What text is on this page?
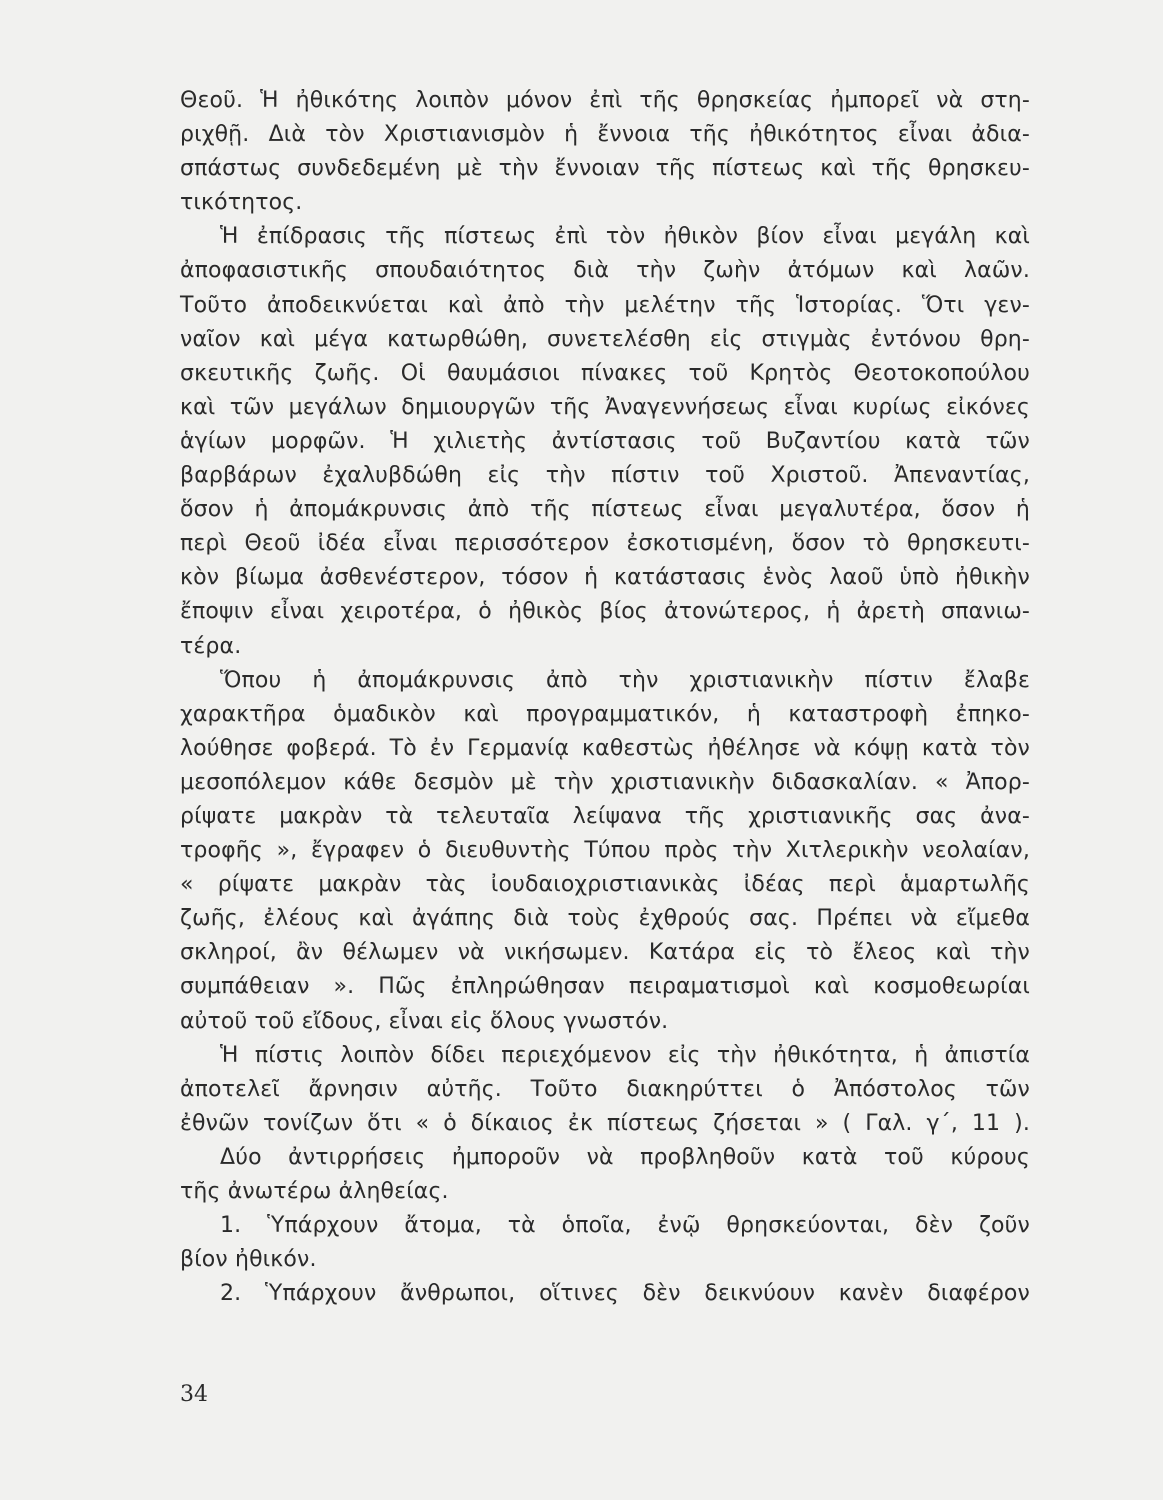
Θεοῦ. Ἡ ἠθικότης λοιπὸν μόνον ἐπὶ τῆς θρησκείας ἠμπορεῖ νὰ στη-
ριχθῇ. Διὰ τὸν Χριστιανισμὸν ἡ ἔννοια τῆς ἠθικότητος εἶναι ἀδια-
σπάστως συνδεδεμένη μὲ τὴν ἔννοιαν τῆς πίστεως καὶ τῆς θρησκευ-
τικότητος.
Ἡ ἐπίδρασις τῆς πίστεως ἐπὶ τὸν ἠθικὸν βίον εἶναι μεγάλη καὶ
ἀποφασιστικῆς σπουδαιότητος διὰ τὴν ζωὴν ἀτόμων καὶ λαῶν.
Τοῦτο ἀποδεικνύεται καὶ ἀπὸ τὴν μελέτην τῆς Ἱστορίας. Ὅτι γεν-
ναῖον καὶ μέγα κατωρθώθη, συνετελέσθη εἰς στιγμὰς ἐντόνου θρη-
σκευτικῆς ζωῆς. Οἱ θαυμάσιοι πίνακες τοῦ Κρητὸς Θεοτοκοπούλου
καὶ τῶν μεγάλων δημιουργῶν τῆς Ἀναγεννήσεως εἶναι κυρίως εἰκόνες
ἁγίων μορφῶν. Ἡ χιλιετὴς ἀντίστασις τοῦ Βυζαντίου κατὰ τῶν
βαρβάρων ἐχαλυβδώθη εἰς τὴν πίστιν τοῦ Χριστοῦ. Ἀπεναντίας,
ὅσον ἡ ἀπομάκρυνσις ἀπὸ τῆς πίστεως εἶναι μεγαλυτέρα, ὅσον ἡ
περὶ Θεοῦ ἰδέα εἶναι περισσότερον ἐσκοτισμένη, ὅσον τὸ θρησκευτι-
κὸν βίωμα ἀσθενέστερον, τόσον ἡ κατάστασις ἑνὸς λαοῦ ὑπὸ ἠθικὴν
ἔποψιν εἶναι χειροτέρα, ὁ ἠθικὸς βίος ἀτονώτερος, ἡ ἀρετὴ σπανιω-
τέρα.
Ὅπου ἡ ἀπομάκρυνσις ἀπὸ τὴν χριστιανικὴν πίστιν ἔλαβε
χαρακτῆρα ὁμαδικὸν καὶ προγραμματικόν, ἡ καταστροφὴ ἐπηκο-
λούθησε φοβερά. Τὸ ἐν Γερμανίᾳ καθεστὼς ἠθέλησε νὰ κόψῃ κατὰ τὸν
μεσοπόλεμον κάθε δεσμὸν μὲ τὴν χριστιανικὴν διδασκαλίαν. « Ἀπορ-
ρίψατε μακρὰν τὰ τελευταῖα λείψανα τῆς χριστιανικῆς σας ἀνα-
τροφῆς », ἔγραφεν ὁ διευθυντὴς Τύπου πρὸς τὴν Χιτλερικὴν νεολαίαν,
« ρίψατε μακρὰν τὰς ἰουδαιοχριστιανικὰς ἰδέας περὶ ἁμαρτωλῆς
ζωῆς, ἐλέους καὶ ἀγάπης διὰ τοὺς ἐχθρούς σας. Πρέπει νὰ εἴμεθα
σκληροί, ἂν θέλωμεν νὰ νικήσωμεν. Κατάρα εἰς τὸ ἔλεος καὶ τὴν
συμπάθειαν ». Πῶς ἐπληρώθησαν πειραματισμοὶ καὶ κοσμοθεωρίαι
αὐτοῦ τοῦ εἴδους, εἶναι εἰς ὅλους γνωστόν.
Ἡ πίστις λοιπὸν δίδει περιεχόμενον εἰς τὴν ἠθικότητα, ἡ ἀπιστία
ἀποτελεῖ ἄρνησιν αὐτῆς. Τοῦτο διακηρύττει ὁ Ἀπόστολος τῶν
ἐθνῶν τονίζων ὅτι « ὁ δίκαιος ἐκ πίστεως ζήσεται » ( Γαλ. γ΄, 11 ).
Δύο ἀντιρρήσεις ἠμποροῦν νὰ προβληθοῦν κατὰ τοῦ κύρους
τῆς ἀνωτέρω ἀληθείας.
1. Ὑπάρχουν ἄτομα, τὰ ὁποῖα, ἐνῷ θρησκεύονται, δὲν ζοῦν
βίον ἠθικόν.
2. Ὑπάρχουν ἄνθρωποι, οἵτινες δὲν δεικνύουν κανὲν διαφέρον
34
